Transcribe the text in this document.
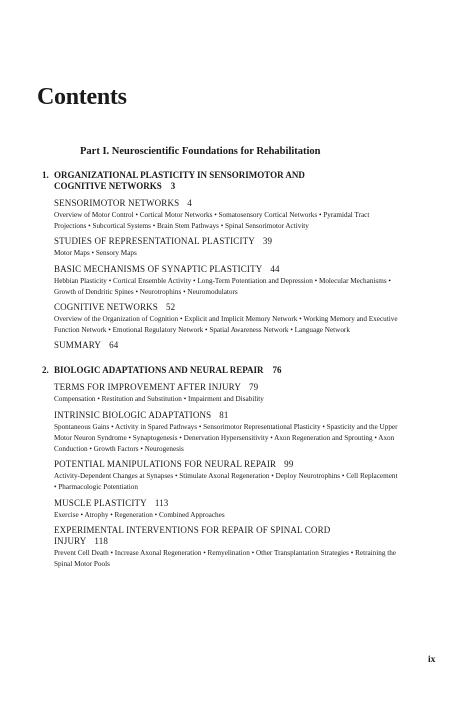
Contents
Part I. Neuroscientific Foundations for Rehabilitation

1. ORGANIZATIONAL PLASTICITY IN SENSORIMOTOR AND
COGNITIVE NETWORKS 3

SENSORIMOTOR NETWORKS 4

Overview of Motor Control • Cortical Motor Networks • Somatosensory Cortical Networks • Pyramidal Tract Projections • Subcortical Systems • Brain Stem Pathways • Spinal Sensorimotor Activity

STUDIES OF REPRESENTATIONAL PLASTICITY 39

Motor Maps • Sensory Maps

BASIC MECHANISMS OF SYNAPTIC PLASTICITY 44

Hebbian Plasticity • Cortical Ensemble Activity • Long-Term Potentiation and Depression • Molecular Mechanisms • Growth of Dendritic Spines • Neurotrophins • Neuromodulators

COGNITIVE NETWORKS 52

Overview of the Organization of Cognition • Explicit and Implicit Memory Network • Working Memory and Executive Function Network • Emotional Regulatory Network • Spatial Awareness Network • Language Network

SUMMARY 64

2. BIOLOGIC ADAPTATIONS AND NEURAL REPAIR 76

TERMS FOR IMPROVEMENT AFTER INJURY 79

Compensation • Restitution and Substitution • Impairment and Disability

INTRINSIC BIOLOGIC ADAPTATIONS 81

Spontaneous Gains • Activity in Spared Pathways • Sensorimotor Representational Plasticity • Spasticity and the Upper Motor Neuron Syndrome • Synaptogenesis • Denervation Hypersensitivity • Axon Regeneration and Sprouting • Axon Conduction • Growth Factors • Neurogenesis

POTENTIAL MANIPULATIONS FOR NEURAL REPAIR 99

Activity-Dependent Changes at Synapses • Stimulate Axonal Regeneration • Deploy Neurotrophins • Cell Replacement • Pharmacologic Potentiation

MUSCLE PLASTICITY 113

Exercise • Atrophy • Regeneration • Combined Approaches

EXPERIMENTAL INTERVENTIONS FOR REPAIR OF SPINAL CORD INJURY 118

Prevent Cell Death • Increase Axonal Regeneration • Remyelination • Other Transplantation Strategies • Retraining the Spinal Motor Pools

ix
